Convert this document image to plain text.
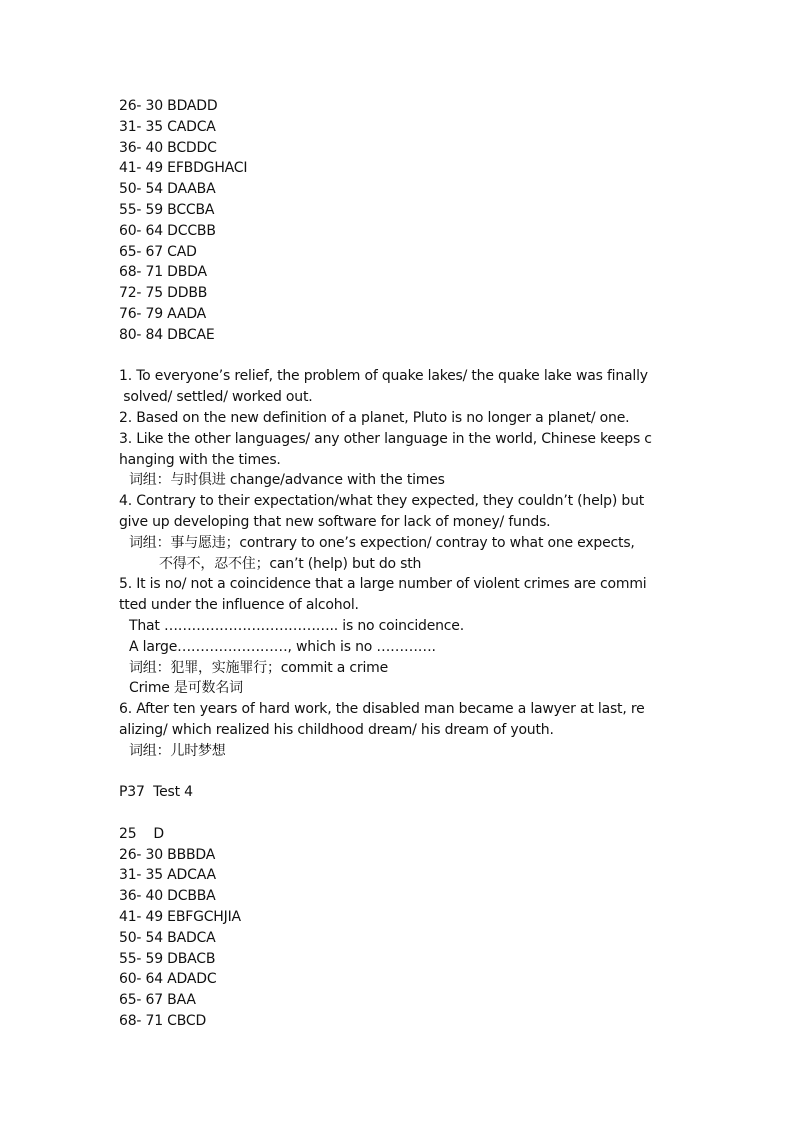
26- 30 BDADD
31- 35 CADCA
36- 40 BCDDC
41- 49 EFBDGHACI
50- 54 DAABA
55- 59 BCCBA
60- 64 DCCBB
65- 67 CAD
68- 71 DBDA
72- 75 DDBB
76- 79 AADA
80- 84 DBCAE
1. To everyone’s relief, the problem of quake lakes/ the quake lake was finally
solved/ settled/ worked out.
2. Based on the new definition of a planet, Pluto is no longer a planet/ one.
3. Like the other languages/ any other language in the world, Chinese keeps c
hanging with the times.
词组：与时俱进 change/advance with the times
4. Contrary to their expectation/what they expected, they couldn’t (help) but
give up developing that new software for lack of money/ funds.
词组：事与愿违；contrary to one’s expection/ contray to what one expects,
不得不，忍不住；can’t (help) but do sth
5. It is no/ not a coincidence that a large number of violent crimes are commi
tted under the influence of alcohol.
That ……………………………….. is no coincidence.
A large……………………, which is no ………….
词组：犯罪，实施罪行；commit a crime
Crime 是可数名词
6. After ten years of hard work, the disabled man became a lawyer at last, re
alizing/ which realized his childhood dream/ his dream of youth.
词组：儿时梦想
P37  Test 4
25    D
26- 30 BBBDA
31- 35 ADCAA
36- 40 DCBBA
41- 49 EBFGCHJIA
50- 54 BADCA
55- 59 DBACB
60- 64 ADADC
65- 67 BAA
68- 71 CBCD
